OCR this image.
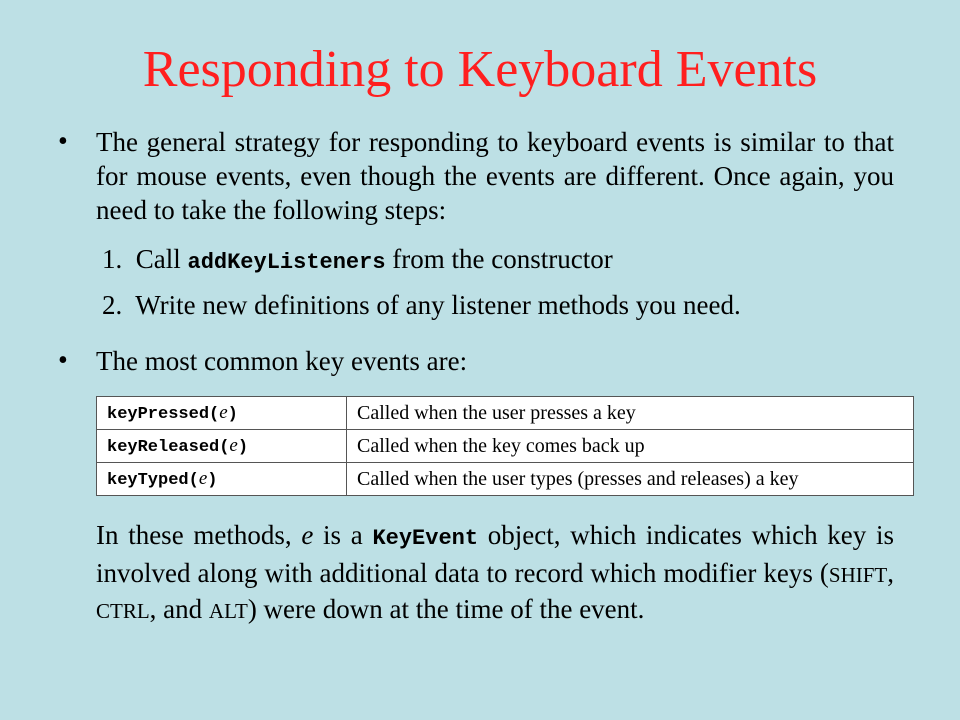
Responding to Keyboard Events
• The general strategy for responding to keyboard events is similar to that for mouse events, even though the events are different. Once again, you need to take the following steps:
1. Call addKeyListeners from the constructor
2. Write new definitions of any listener methods you need.
• The most common key events are:
keyPressed(e)	Called when the user presses a key
keyReleased(e)	Called when the key comes back up
keyTyped(e)	Called when the user types (presses and releases) a key
In these methods, e is a KeyEvent object, which indicates which key is involved along with additional data to record which modifier keys (SHIFT, CTRL, and ALT) were down at the time of the event.
